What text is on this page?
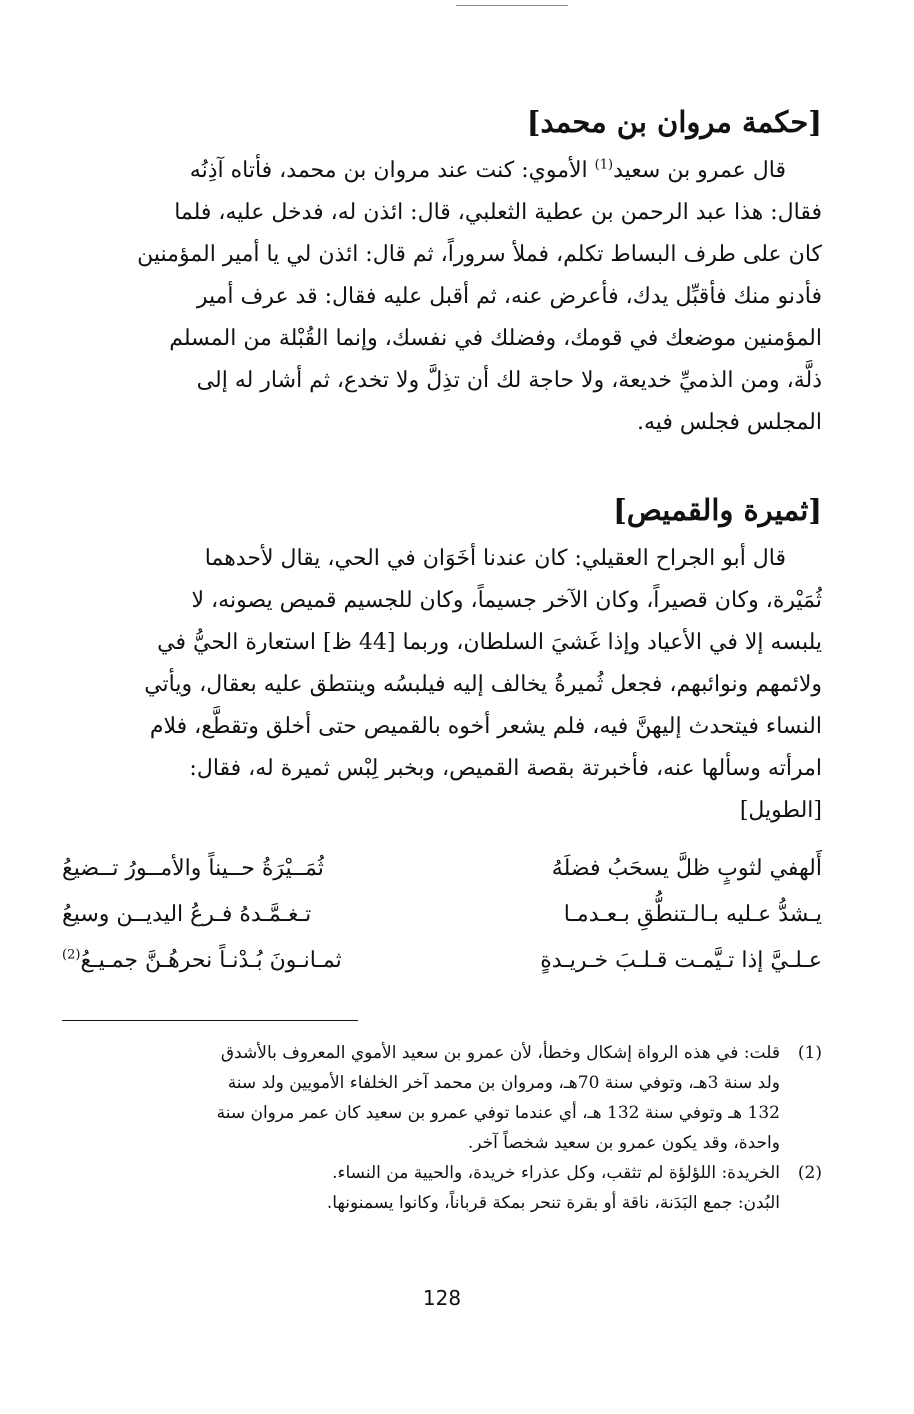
[حكمة مروان بن محمد]
قال عمرو بن سعيد$^{(1)}$ الأموي: كنت عند مروان بن محمد، فأتاه آذِنُه
فقال: هذا عبد الرحمن بن عطية الثعلبي، قال: ائذن له، فدخل عليه، فلما
كان على طرف البساط تكلم، فملأ سروراً، ثم قال: ائذن لي يا أمير المؤمنين
فأدنو منك فأقبِّل يدك، فأعرض عنه، ثم أقبل عليه فقال: قد عرف أمير
المؤمنين موضعك في قومك، وفضلك في نفسك، وإنما القُبْلة من المسلم
ذلَّة، ومن الذميِّ خديعة، ولا حاجة لك أن تذِلَّ ولا تخدع، ثم أشار له إلى
المجلس فجلس فيه.
[ثميرة والقميص]
قال أبو الجراح العقيلي: كان عندنا أخَوَان في الحي، يقال لأحدهما
ثُمَيْرة، وكان قصيراً، وكان الآخر جسيماً، وكان للجسيم قميص يصونه، لا
يلبسه إلا في الأعياد وإذا غَشيَ السلطان، وربما [44 ظ] استعارة الحيُّ في
ولائمهم ونوائبهم، فجعل ثُميرةُ يخالف إليه فيلبسُه وينتطق عليه بعقال، ويأتي
النساء فيتحدث إليهنَّ فيه، فلم يشعر أخوه بالقميص حتى أخلق وتقطَّع، فلام
امرأته وسألها عنه، فأخبرتة بقصة القميص، وبخبر لِبْس ثميرة له، فقال:
[الطويل]
أَلهفي لثوبٍ ظلَّ يسحَبُ فضلَهُ
ثُمَــيْرَةُ حــيناً والأمــورُ تــضيعُ
يـشدُّ عـليه بـالـتنطُّقِ بـعـدمـا
تـغـمَّـدهُ فـرعُ اليديــن وسيعُ
عـلـيَّ إذا تـيَّمـت قـلـبَ خـريـدةٍ
ثمـانـونَ بُـدْنـاً نحرهُـنَّ جمـيـعُ$^{(2)}$
(1)
قلت: في هذه الرواة إشكال وخطأ، لأن عمرو بن سعيد الأموي المعروف بالأشدق
ولد سنة 3هـ، وتوفي سنة 70هـ، ومروان بن محمد آخر الخلفاء الأمويين ولد سنة
132 هـ وتوفي سنة 132 هـ، أي عندما توفي عمرو بن سعيد كان عمر مروان سنة
واحدة، وقد يكون عمرو بن سعيد شخصاً آخر.
(2)
الخريدة: اللؤلؤة لم تثقب، وكل عذراء خريدة، والحيية من النساء.
البُدن: جمع البَدَنة، ناقة أو بقرة تنحر بمكة قرباناً، وكانوا يسمنونها.
128
